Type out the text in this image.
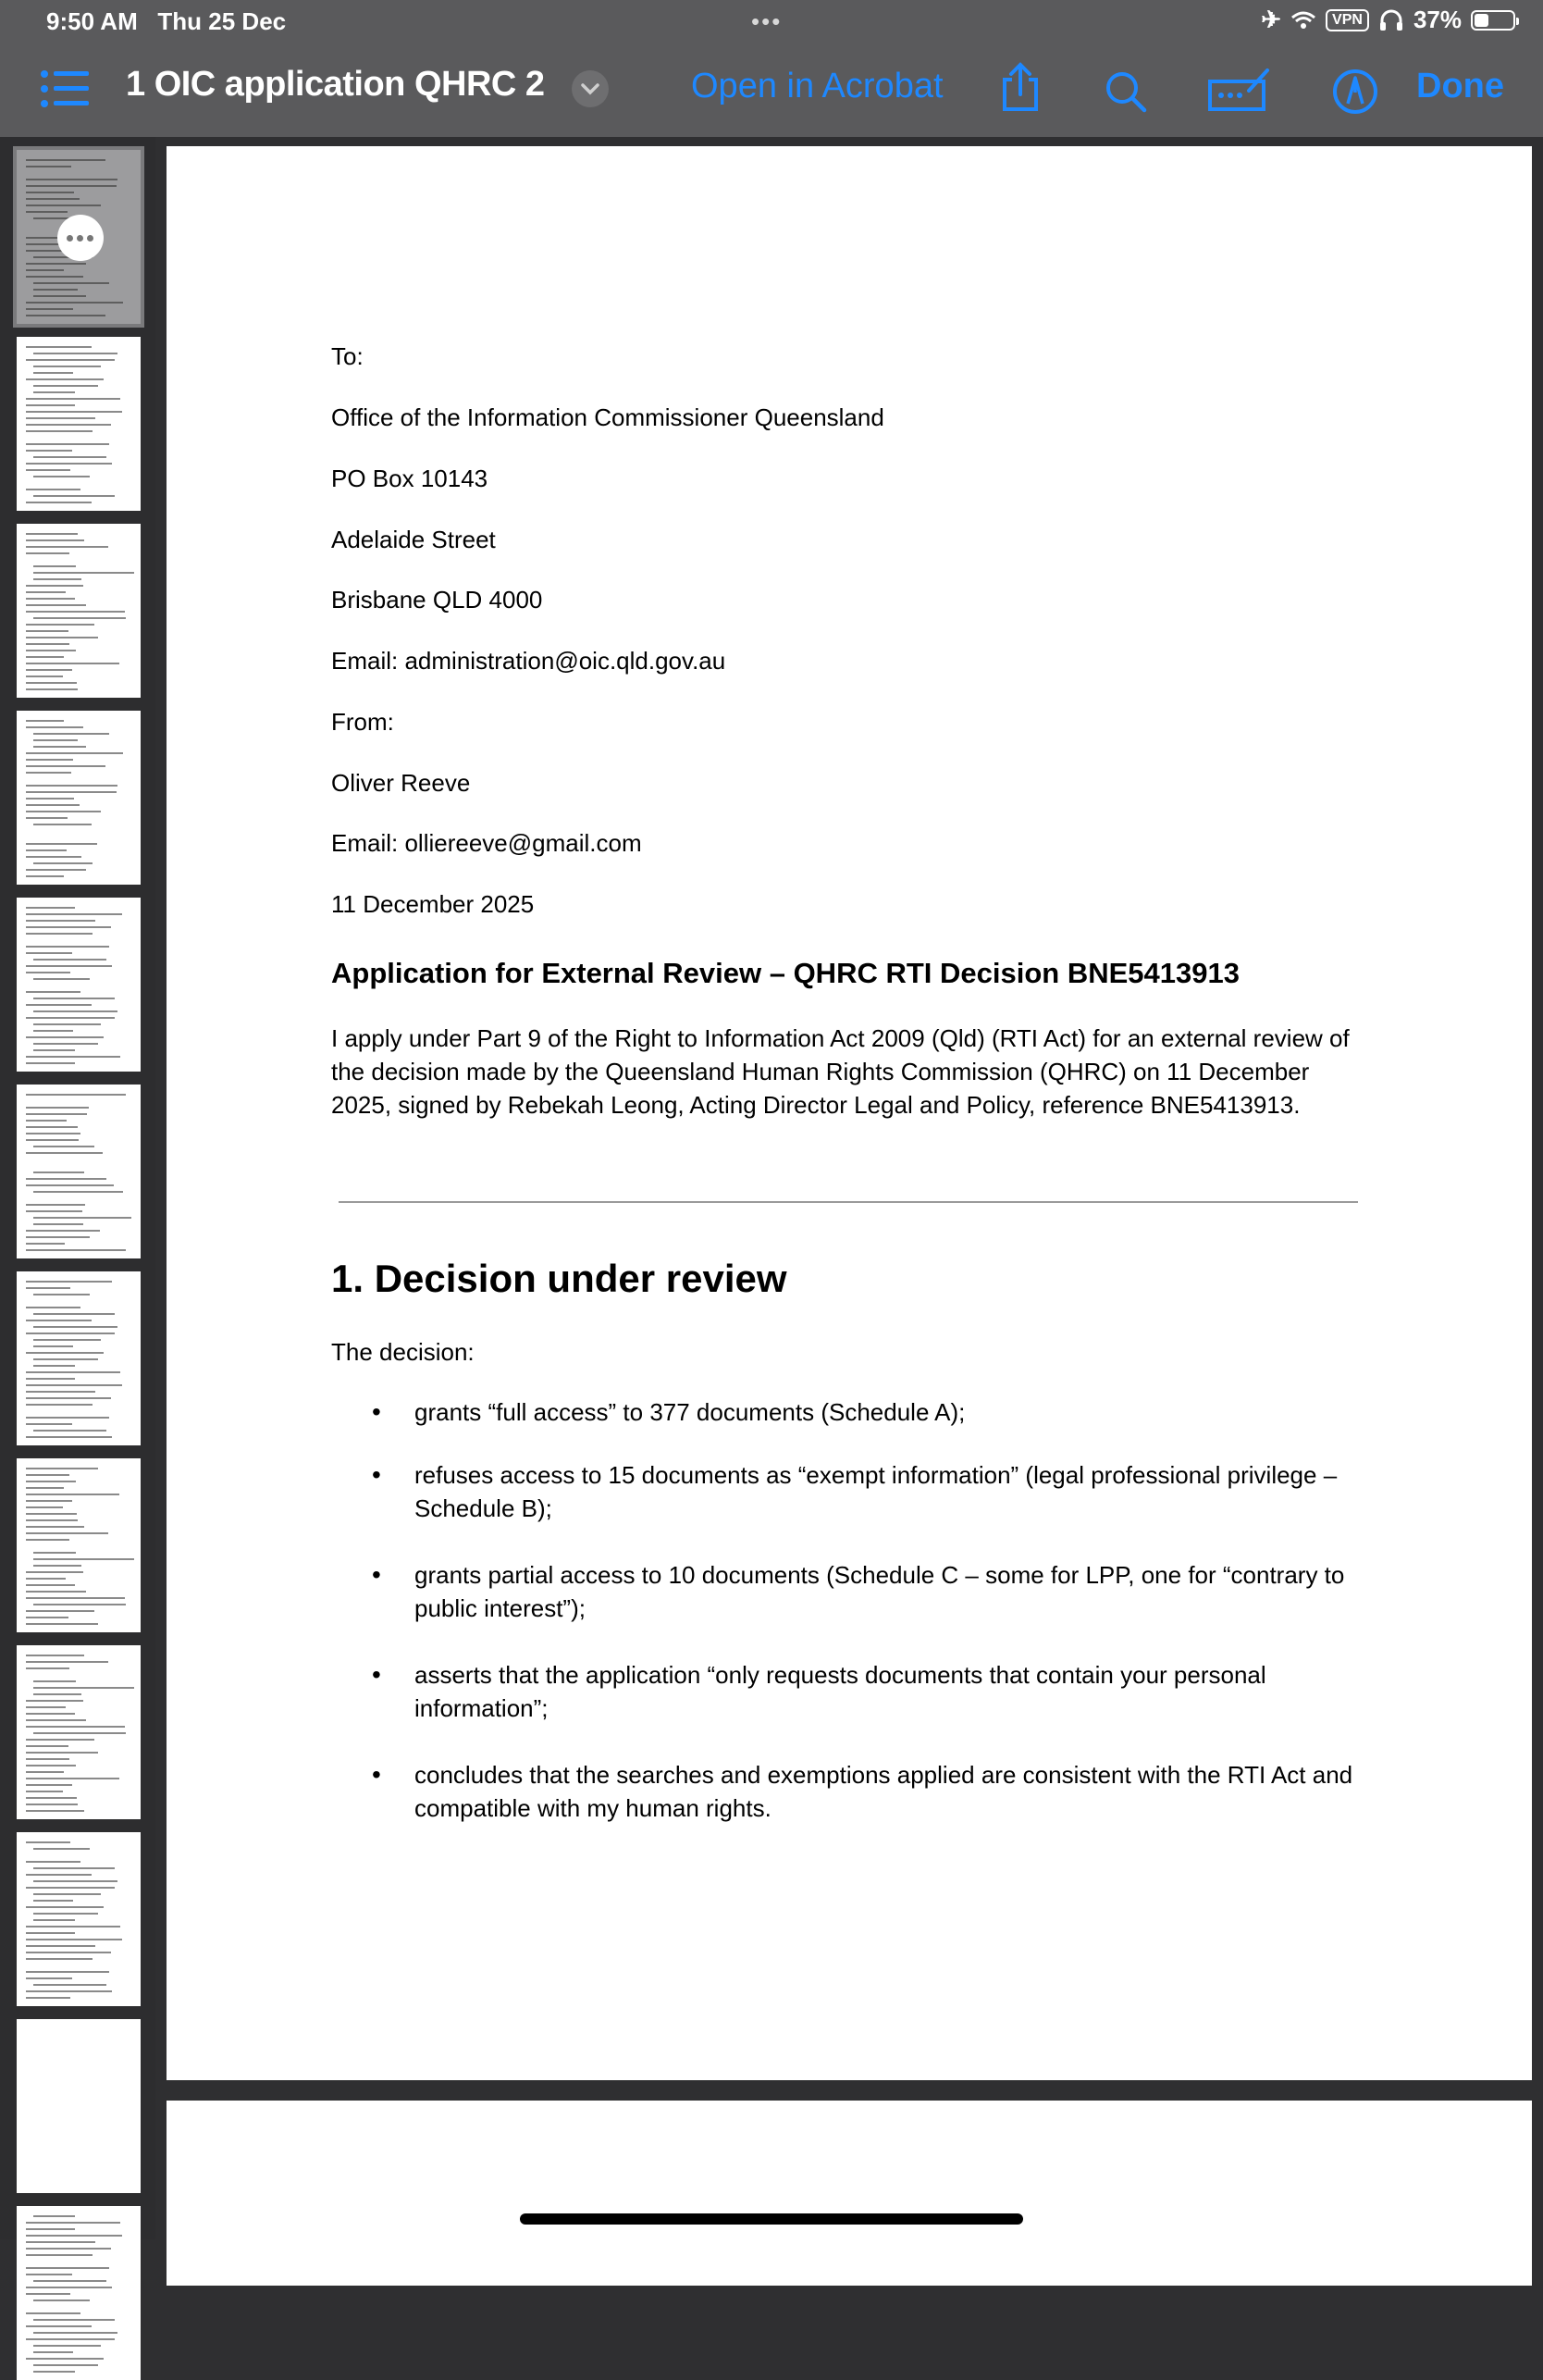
9:50 AM Thu 25 Dec	•••	✈	VPN 37%
1 OIC application QHRC 2	Open in Acrobat	Done
To:
Office of the Information Commissioner Queensland
PO Box 10143
Adelaide Street
Brisbane QLD 4000
Email: administration@oic.qld.gov.au
From:
Oliver Reeve
Email: olliereeve@gmail.com
11 December 2025
Application for External Review – QHRC RTI Decision BNE5413913
I apply under Part 9 of the Right to Information Act 2009 (Qld) (RTI Act) for an external review of the decision made by the Queensland Human Rights Commission (QHRC) on 11 December 2025, signed by Rebekah Leong, Acting Director Legal and Policy, reference BNE5413913.
1. Decision under review
The decision:
• grants “full access” to 377 documents (Schedule A);
• refuses access to 15 documents as “exempt information” (legal professional privilege – Schedule B);
• grants partial access to 10 documents (Schedule C – some for LPP, one for “contrary to public interest”);
• asserts that the application “only requests documents that contain your personal information”;
• concludes that the searches and exemptions applied are consistent with the RTI Act and compatible with my human rights.
